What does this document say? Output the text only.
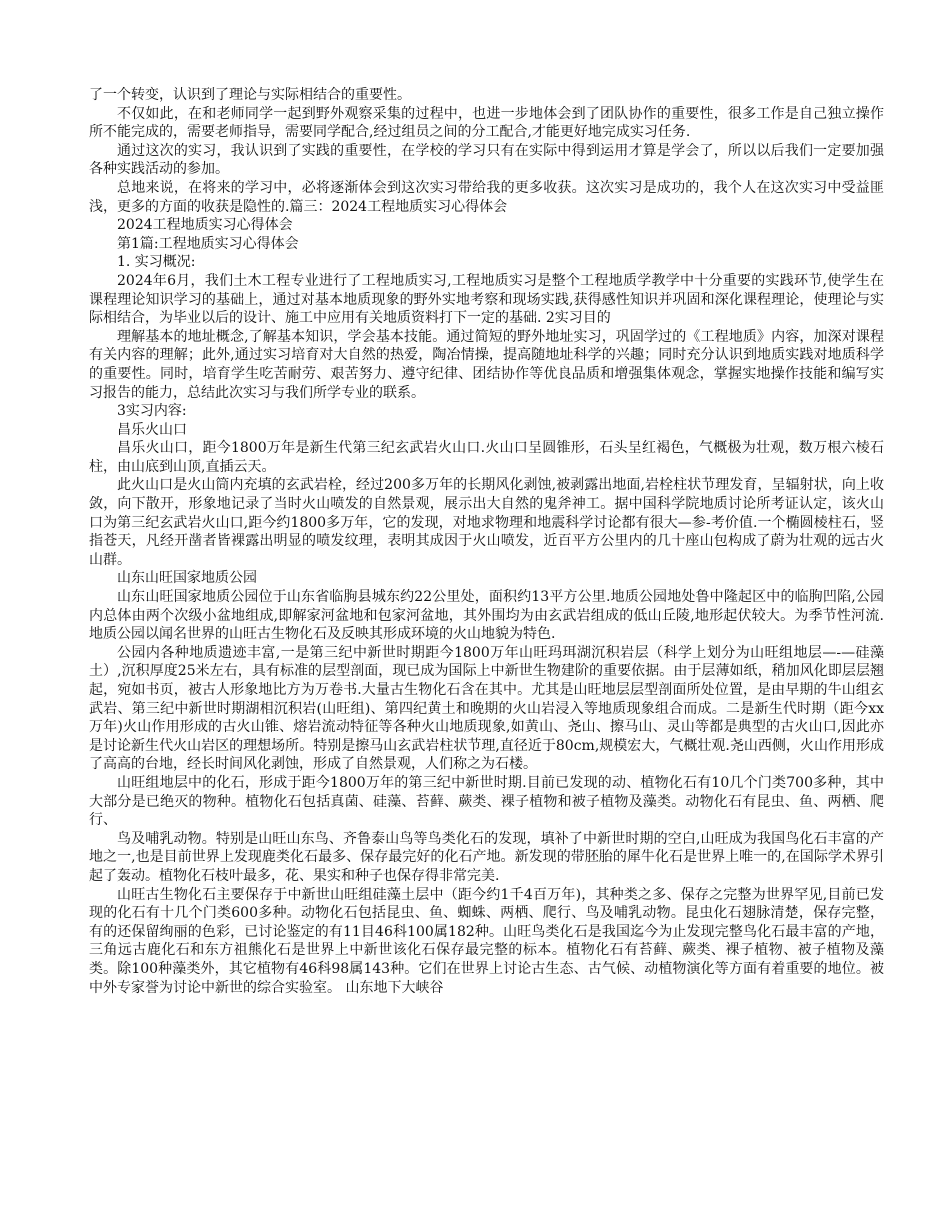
了一个转变，认识到了理论与实际相结合的重要性。

不仅如此，在和老师同学一起到野外观察采集的过程中，也进一步地体会到了团队协作的重要性，很多工作是自己独立操作所不能完成的，需要老师指导，需要同学配合,经过组员之间的分工配合,才能更好地完成实习任务.

通过这次的实习，我认识到了实践的重要性，在学校的学习只有在实际中得到运用才算是学会了，所以以后我们一定要加强各种实践活动的参加。

总地来说，在将来的学习中，必将逐渐体会到这次实习带给我的更多收获。这次实习是成功的，我个人在这次实习中受益匪浅，更多的方面的收获是隐性的.篇三：2024工程地质实习心得体会

2024工程地质实习心得体会

第1篇:工程地质实习心得体会

1. 实习概况:

2024年6月，我们土木工程专业进行了工程地质实习,工程地质实习是整个工程地质学教学中十分重要的实践环节,使学生在课程理论知识学习的基础上，通过对基本地质现象的野外实地考察和现场实践,获得感性知识并巩固和深化课程理论，使理论与实际相结合，为毕业以后的设计、施工中应用有关地质资料打下一定的基础. 2实习目的

理解基本的地址概念,了解基本知识，学会基本技能。通过简短的野外地址实习，巩固学过的《工程地质》内容，加深对课程有关内容的理解；此外,通过实习培育对大自然的热爱，陶冶情操，提高随地址科学的兴趣；同时充分认识到地质实践对地质科学的重要性。同时，培育学生吃苦耐劳、艰苦努力、遵守纪律、团结协作等优良品质和增强集体观念，掌握实地操作技能和编写实习报告的能力，总结此次实习与我们所学专业的联系。

3实习内容:

昌乐火山口

昌乐火山口，距今1800万年是新生代第三纪玄武岩火山口.火山口呈圆锥形，石头呈红褐色，气概极为壮观，数万根六棱石柱，由山底到山顶,直插云天。

此火山口是火山筒内充填的玄武岩栓，经过200多万年的长期风化剥蚀,被剥露出地面,岩栓柱状节理发育，呈辐射状，向上收敛，向下散开，形象地记录了当时火山喷发的自然景观，展示出大自然的鬼斧神工。据中国科学院地质讨论所考证认定，该火山口为第三纪玄武岩火山口,距今约1800多万年，它的发现，对地求物理和地震科学讨论都有很大—参-考价值.一个椭圆棱柱石，竖指苍天，凡经开凿者皆裸露出明显的喷发纹理，表明其成因于火山喷发，近百平方公里内的几十座山包构成了蔚为壮观的远古火山群。

山东山旺国家地质公园

山东山旺国家地质公园位于山东省临朐县城东约22公里处，面积约13平方公里.地质公园地处鲁中隆起区中的临朐凹陷,公园内总体由两个次级小盆地组成,即解家河盆地和包家河盆地，其外围均为由玄武岩组成的低山丘陵,地形起伏较大。为季节性河流.地质公园以闻名世界的山旺古生物化石及反映其形成环境的火山地貌为特色.

公园内各种地质遗迹丰富,一是第三纪中新世时期距今1800万年山旺玛珥湖沉积岩层（科学上划分为山旺组地层—-—硅藻土）,沉积厚度25米左右，具有标准的层型剖面，现已成为国际上中新世生物建阶的重要依据。由于层薄如纸，稍加风化即层层翘起，宛如书页，被古人形象地比方为万卷书.大量古生物化石含在其中。尤其是山旺地层层型剖面所处位置，是由早期的牛山组玄武岩、第三纪中新世时期湖相沉积岩(山旺组)、第四纪黄土和晚期的火山岩浸入等地质现象组合而成。二是新生代时期（距今xx万年)火山作用形成的古火山锥、熔岩流动特征等各种火山地质现象,如黄山、尧山、擦马山、灵山等都是典型的古火山口,因此亦是讨论新生代火山岩区的理想场所。特别是擦马山玄武岩柱状节理,直径近于80cm,规模宏大，气概壮观.尧山西侧，火山作用形成了高高的台地，经长时间风化剥蚀，形成了自然景观，人们称之为石楼。

山旺组地层中的化石，形成于距今1800万年的第三纪中新世时期.目前已发现的动、植物化石有10几个门类700多种，其中大部分是已绝灭的物种。植物化石包括真菌、硅藻、苔藓、蕨类、裸子植物和被子植物及藻类。动物化石有昆虫、鱼、两栖、爬行、

鸟及哺乳动物。特别是山旺山东鸟、齐鲁泰山鸟等鸟类化石的发现，填补了中新世时期的空白,山旺成为我国鸟化石丰富的产地之一,也是目前世界上发现鹿类化石最多、保存最完好的化石产地。新发现的带胚胎的犀牛化石是世界上唯一的,在国际学术界引起了轰动。植物化石枝叶最多，花、果实和种子也保存得非常完美.

山旺古生物化石主要保存于中新世山旺组硅藻土层中（距今约1千4百万年)，其种类之多、保存之完整为世界罕见,目前已发现的化石有十几个门类600多种。动物化石包括昆虫、鱼、蜘蛛、两栖、爬行、鸟及哺乳动物。昆虫化石翅脉清楚，保存完整，有的还保留绚丽的色彩，已讨论鉴定的有11目46科100属182种。山旺鸟类化石是我国迄今为止发现完整鸟化石最丰富的产地，三角远古鹿化石和东方祖熊化石是世界上中新世该化石保存最完整的标本。植物化石有苔藓、蕨类、裸子植物、被子植物及藻类。除100种藻类外，其它植物有46科98属143种。它们在世界上讨论古生态、古气候、动植物演化等方面有着重要的地位。被中外专家誉为讨论中新世的综合实验室。 山东地下大峡谷
